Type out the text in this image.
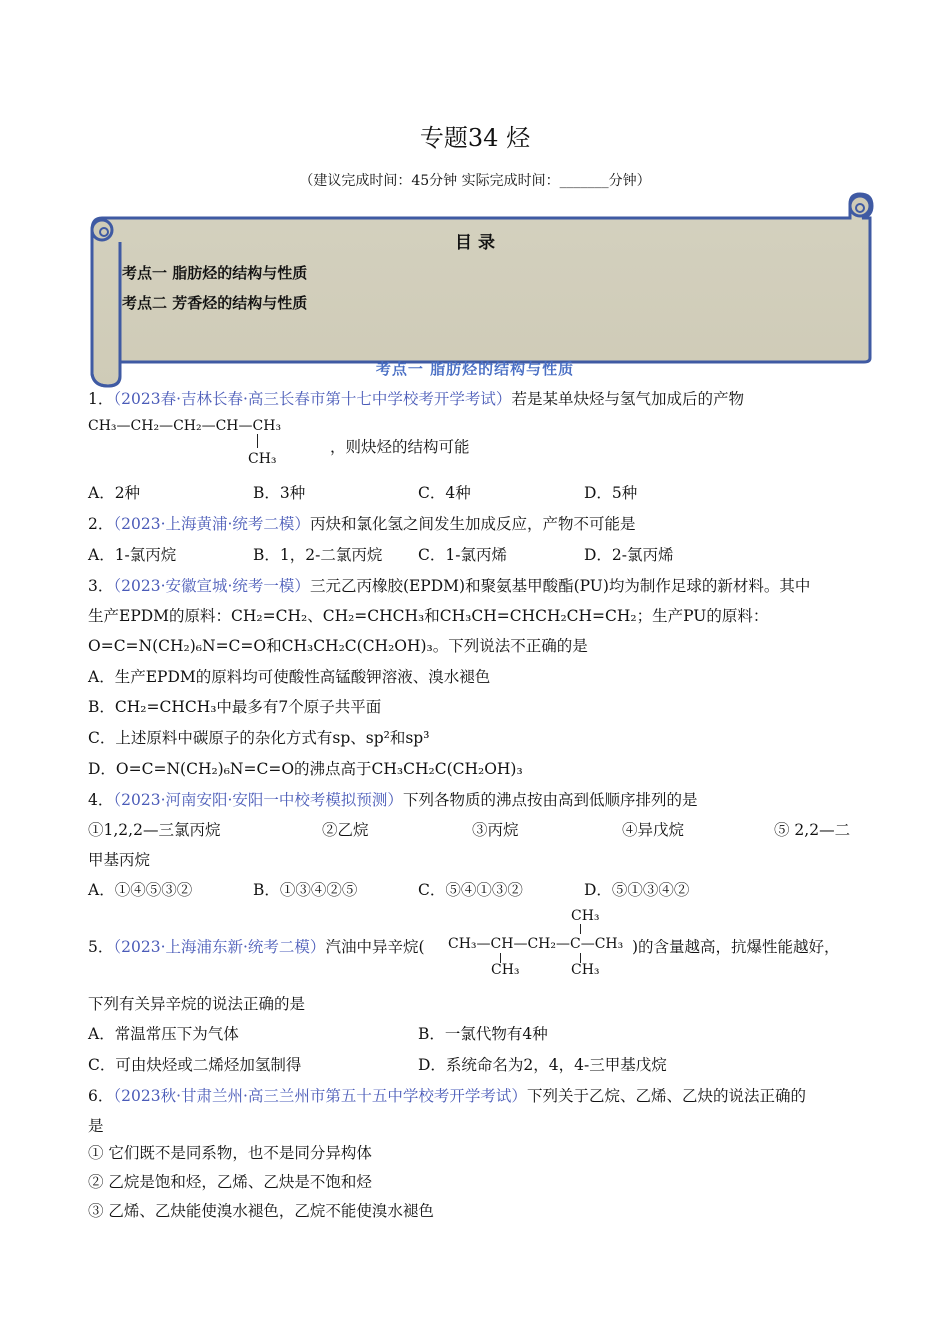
专题34 烃
（建议完成时间：45分钟 实际完成时间：_______分钟）
目 录
考点一 脂肪烃的结构与性质
考点二 芳香烃的结构与性质
考点一 脂肪烃的结构与性质
1．（2023春·吉林长春·高三长春市第十七中学校考开学考试）若是某单炔烃与氢气加成后的产物
CH₃—CH₂—CH₂—CH—CH₃
CH₃
，则炔烃的结构可能
A．2种	B．3种	C．4种	D．5种
2．（2023·上海黄浦·统考二模）丙炔和氯化氢之间发生加成反应，产物不可能是
A．1-氯丙烷	B．1，2-二氯丙烷 C．1-氯丙烯	D．2-氯丙烯
3．（2023·安徽宣城·统考一模）三元乙丙橡胶(EPDM)和聚氨基甲酸酯(PU)均为制作足球的新材料。其中
生产EPDM的原料：CH₂=CH₂、CH₂=CHCH₃和CH₃CH=CHCH₂CH=CH₂；生产PU的原料：
O=C=N(CH₂)₆N=C=O和CH₃CH₂C(CH₂OH)₃。下列说法不正确的是
A．生产EPDM的原料均可使酸性高锰酸钾溶液、溴水褪色
B．CH₂=CHCH₃中最多有7个原子共平面
C．上述原料中碳原子的杂化方式有sp、sp²和sp³
D．O=C=N(CH₂)₆N=C=O的沸点高于CH₃CH₂C(CH₂OH)₃
4．（2023·河南安阳·安阳一中校考模拟预测）下列各物质的沸点按由高到低顺序排列的是
①1,2,2—三氯丙烷	②乙烷	③丙烷	④异戊烷	⑤ 2,2—二
甲基丙烷
A．①④⑤③②	B．①③④②⑤	C．⑤④①③②	D．⑤①③④②
5．（2023·上海浦东新·统考二模）汽油中异辛烷(
CH₃
CH₃—CH—CH₂—C—CH₃
CH₃	CH₃
)的含量越高，抗爆性能越好，
下列有关异辛烷的说法正确的是
A．常温常压下为气体	B．一氯代物有4种
C．可由炔烃或二烯烃加氢制得	D．系统命名为2，4，4-三甲基戊烷
6．（2023秋·甘肃兰州·高三兰州市第五十五中学校考开学考试）下列关于乙烷、乙烯、乙炔的说法正确的
是
① 它们既不是同系物，也不是同分异构体
② 乙烷是饱和烃，乙烯、乙炔是不饱和烃
③ 乙烯、乙炔能使溴水褪色，乙烷不能使溴水褪色
